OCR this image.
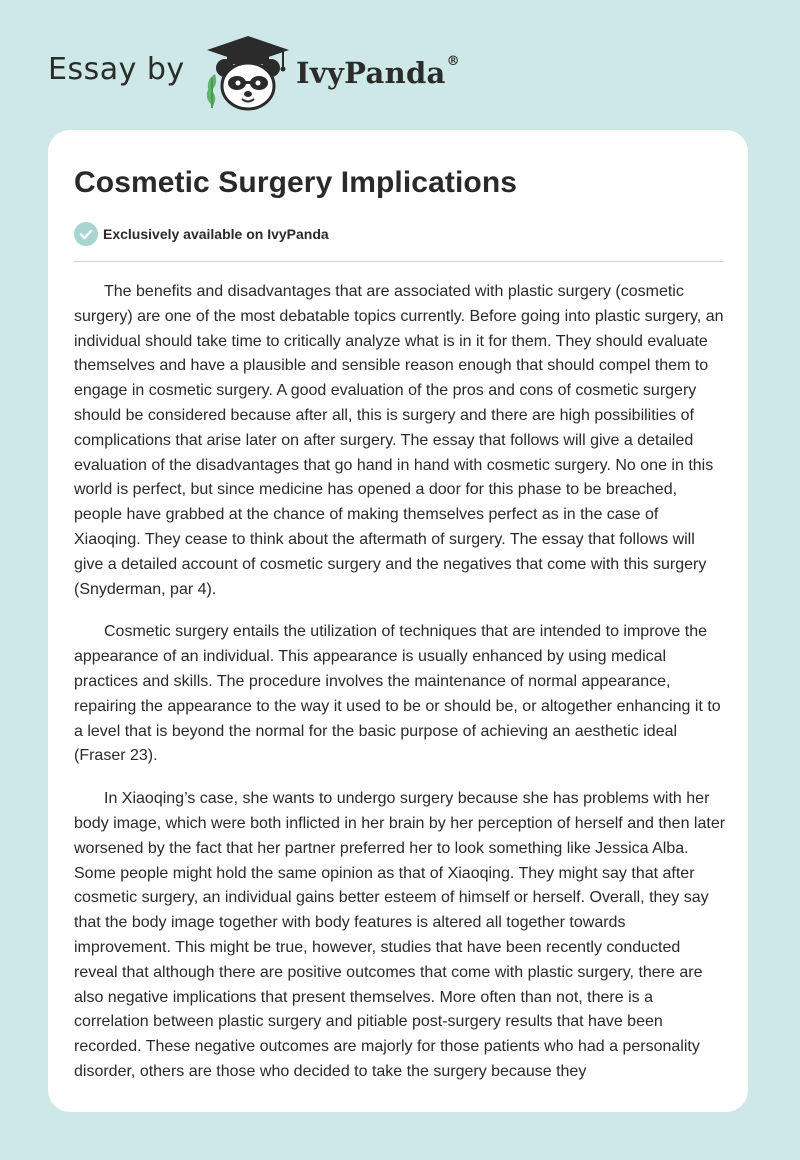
Essay by	IvyPanda®
Cosmetic Surgery Implications
Exclusively available on IvyPanda

The benefits and disadvantages that are associated with plastic surgery (cosmetic surgery) are one of the most debatable topics currently. Before going into plastic surgery, an individual should take time to critically analyze what is in it for them. They should evaluate themselves and have a plausible and sensible reason enough that should compel them to engage in cosmetic surgery. A good evaluation of the pros and cons of cosmetic surgery should be considered because after all, this is surgery and there are high possibilities of complications that arise later on after surgery. The essay that follows will give a detailed evaluation of the disadvantages that go hand in hand with cosmetic surgery. No one in this world is perfect, but since medicine has opened a door for this phase to be breached, people have grabbed at the chance of making themselves perfect as in the case of Xiaoqing. They cease to think about the aftermath of surgery. The essay that follows will give a detailed account of cosmetic surgery and the negatives that come with this surgery (Snyderman, par 4).

Cosmetic surgery entails the utilization of techniques that are intended to improve the appearance of an individual. This appearance is usually enhanced by using medical practices and skills. The procedure involves the maintenance of normal appearance, repairing the appearance to the way it used to be or should be, or altogether enhancing it to a level that is beyond the normal for the basic purpose of achieving an aesthetic ideal (Fraser 23).

In Xiaoqing’s case, she wants to undergo surgery because she has problems with her body image, which were both inflicted in her brain by her perception of herself and then later worsened by the fact that her partner preferred her to look something like Jessica Alba. Some people might hold the same opinion as that of Xiaoqing. They might say that after cosmetic surgery, an individual gains better esteem of himself or herself. Overall, they say that the body image together with body features is altered all together towards improvement. This might be true, however, studies that have been recently conducted reveal that although there are positive outcomes that come with plastic surgery, there are also negative implications that present themselves. More often than not, there is a correlation between plastic surgery and pitiable post-surgery results that have been recorded. These negative outcomes are majorly for those patients who had a personality disorder, others are those who decided to take the surgery because they
